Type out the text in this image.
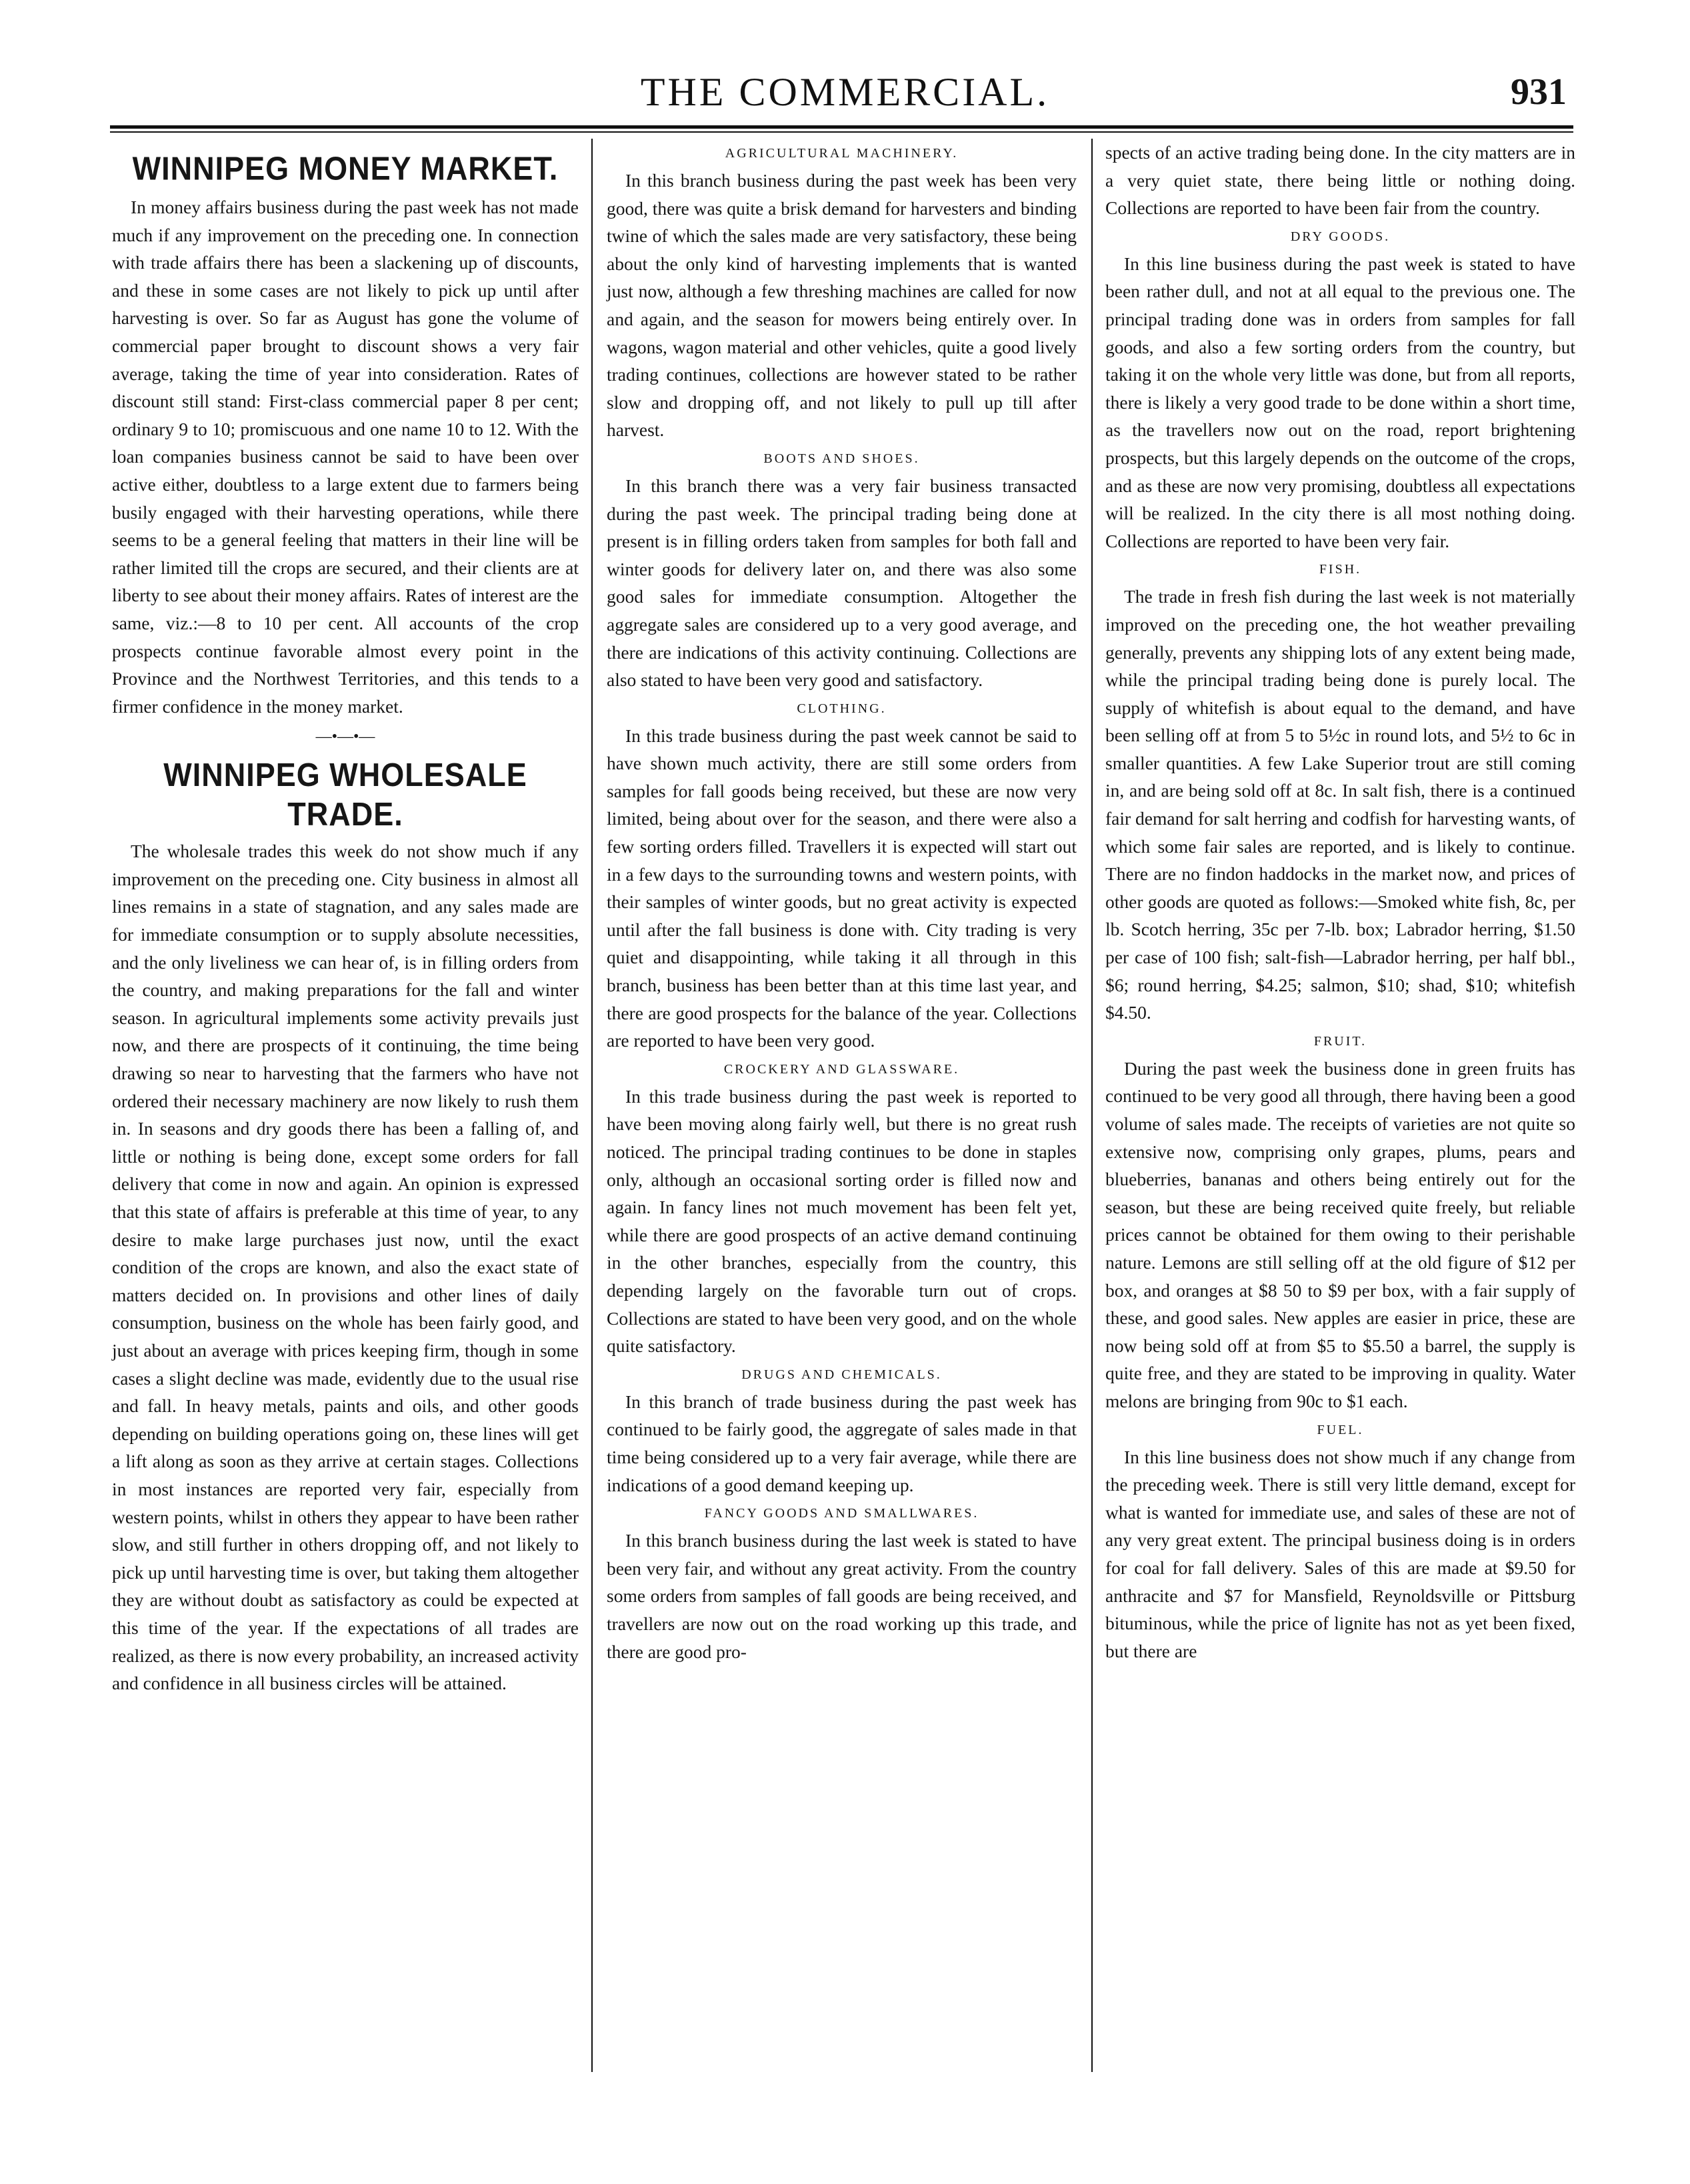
THE COMMERCIAL.	931
WINNIPEG MONEY MARKET.

In money affairs business during the past week has not made much if any improvement on the preceding one. In connection with trade affairs there has been a slackening up of discounts, and these in some cases are not likely to pick up until after harvesting is over. So far as August has gone the volume of commercial paper brought to discount shows a very fair average, taking the time of year into consideration. Rates of discount still stand: First-class commercial paper 8 per cent; ordinary 9 to 10; promiscuous and one name 10 to 12. With the loan companies business cannot be said to have been over active either, doubtless to a large extent due to farmers being busily engaged with their harvesting operations, while there seems to be a general feeling that matters in their line will be rather limited till the crops are secured, and their clients are at liberty to see about their money affairs. Rates of interest are the same, viz.:—8 to 10 per cent. All accounts of the crop prospects continue favorable almost every point in the Province and the Northwest Territories, and this tends to a firmer confidence in the money market.

—•—•—
WINNIPEG WHOLESALE TRADE.

The wholesale trades this week do not show much if any improvement on the preceding one. City business in almost all lines remains in a state of stagnation, and any sales made are for immediate consumption or to supply absolute necessities, and the only liveliness we can hear of, is in filling orders from the country, and making preparations for the fall and winter season. In agricultural implements some activity prevails just now, and there are prospects of it continuing, the time being drawing so near to harvesting that the farmers who have not ordered their necessary machinery are now likely to rush them in. In seasons and dry goods there has been a falling of, and little or nothing is being done, except some orders for fall delivery that come in now and again. An opinion is expressed that this state of affairs is preferable at this time of year, to any desire to make large purchases just now, until the exact condition of the crops are known, and also the exact state of matters decided on. In provisions and other lines of daily consumption, business on the whole has been fairly good, and just about an average with prices keeping firm, though in some cases a slight decline was made, evidently due to the usual rise and fall. In heavy metals, paints and oils, and other goods depending on building operations going on, these lines will get a lift along as soon as they arrive at certain stages. Collections in most instances are reported very fair, especially from western points, whilst in others they appear to have been rather slow, and still further in others dropping off, and not likely to pick up until harvesting time is over, but taking them altogether they are without doubt as satisfactory as could be expected at this time of the year. If the expectations of all trades are realized, as there is now every probability, an increased activity and confidence in all business circles will be attained.

AGRICULTURAL MACHINERY.

In this branch business during the past week has been very good, there was quite a brisk demand for harvesters and binding twine of which the sales made are very satisfactory, these being about the only kind of harvesting implements that is wanted just now, although a few threshing machines are called for now and again, and the season for mowers being entirely over. In wagons, wagon material and other vehicles, quite a good lively trading continues, collections are however stated to be rather slow and dropping off, and not likely to pull up till after harvest.

BOOTS AND SHOES.

In this branch there was a very fair business transacted during the past week. The principal trading being done at present is in filling orders taken from samples for both fall and winter goods for delivery later on, and there was also some good sales for immediate consumption. Altogether the aggregate sales are considered up to a very good average, and there are indications of this activity continuing. Collections are also stated to have been very good and satisfactory.

CLOTHING.

In this trade business during the past week cannot be said to have shown much activity, there are still some orders from samples for fall goods being received, but these are now very limited, being about over for the season, and there were also a few sorting orders filled. Travellers it is expected will start out in a few days to the surrounding towns and western points, with their samples of winter goods, but no great activity is expected until after the fall business is done with. City trading is very quiet and disappointing, while taking it all through in this branch, business has been better than at this time last year, and there are good prospects for the balance of the year. Collections are reported to have been very good.

CROCKERY AND GLASSWARE.

In this trade business during the past week is reported to have been moving along fairly well, but there is no great rush noticed. The principal trading continues to be done in staples only, although an occasional sorting order is filled now and again. In fancy lines not much movement has been felt yet, while there are good prospects of an active demand continuing in the other branches, especially from the country, this depending largely on the favorable turn out of crops. Collections are stated to have been very good, and on the whole quite satisfactory.

DRUGS AND CHEMICALS.

In this branch of trade business during the past week has continued to be fairly good, the aggregate of sales made in that time being considered up to a very fair average, while there are indications of a good demand keeping up.

FANCY GOODS AND SMALLWARES.

In this branch business during the last week is stated to have been very fair, and without any great activity. From the country some orders from samples of fall goods are being received, and travellers are now out on the road working up this trade, and there are good pro-

spects of an active trading being done. In the city matters are in a very quiet state, there being little or nothing doing. Collections are reported to have been fair from the country.

DRY GOODS.

In this line business during the past week is stated to have been rather dull, and not at all equal to the previous one. The principal trading done was in orders from samples for fall goods, and also a few sorting orders from the country, but taking it on the whole very little was done, but from all reports, there is likely a very good trade to be done within a short time, as the travellers now out on the road, report brightening prospects, but this largely depends on the outcome of the crops, and as these are now very promising, doubtless all expectations will be realized. In the city there is all most nothing doing. Collections are reported to have been very fair.

FISH.

The trade in fresh fish during the last week is not materially improved on the preceding one, the hot weather prevailing generally, prevents any shipping lots of any extent being made, while the principal trading being done is purely local. The supply of whitefish is about equal to the demand, and have been selling off at from 5 to 5½c in round lots, and 5½ to 6c in smaller quantities. A few Lake Superior trout are still coming in, and are being sold off at 8c. In salt fish, there is a continued fair demand for salt herring and codfish for harvesting wants, of which some fair sales are reported, and is likely to continue. There are no findon haddocks in the market now, and prices of other goods are quoted as follows:—Smoked white fish, 8c, per lb. Scotch herring, 35c per 7-lb. box; Labrador herring, $1.50 per case of 100 fish; salt-fish—Labrador herring, per half bbl., $6; round herring, $4.25; salmon, $10; shad, $10; whitefish $4.50.

FRUIT.

During the past week the business done in green fruits has continued to be very good all through, there having been a good volume of sales made. The receipts of varieties are not quite so extensive now, comprising only grapes, plums, pears and blueberries, bananas and others being entirely out for the season, but these are being received quite freely, but reliable prices cannot be obtained for them owing to their perishable nature. Lemons are still selling off at the old figure of $12 per box, and oranges at $8 50 to $9 per box, with a fair supply of these, and good sales. New apples are easier in price, these are now being sold off at from $5 to $5.50 a barrel, the supply is quite free, and they are stated to be improving in quality. Water melons are bringing from 90c to $1 each.

FUEL.

In this line business does not show much if any change from the preceding week. There is still very little demand, except for what is wanted for immediate use, and sales of these are not of any very great extent. The principal business doing is in orders for coal for fall delivery. Sales of this are made at $9.50 for anthracite and $7 for Mansfield, Reynoldsville or Pittsburg bituminous, while the price of lignite has not as yet been fixed, but there are
